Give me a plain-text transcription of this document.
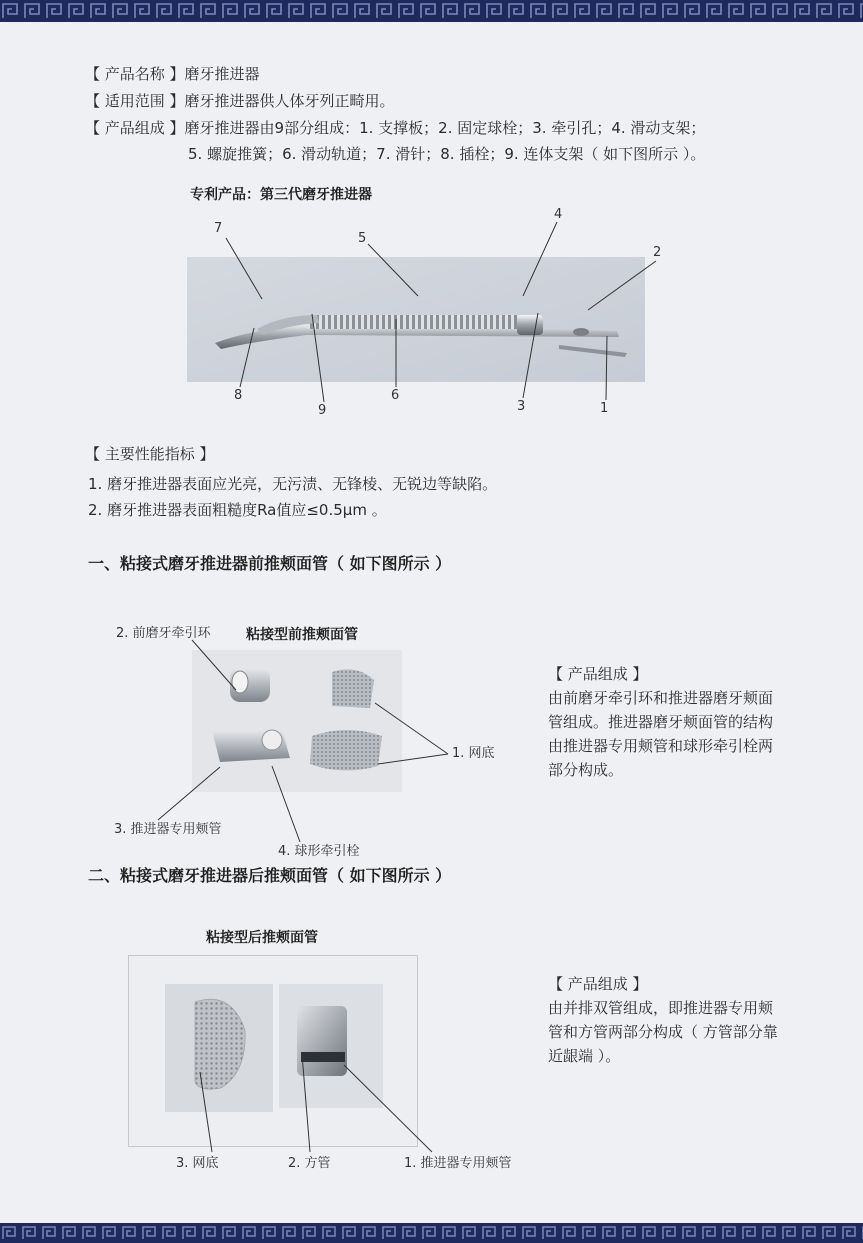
【 产品名称 】磨牙推进器
【 适用范围 】磨牙推进器供人体牙列正畸用。
【 产品组成 】磨牙推进器由9部分组成：1. 支撑板；2. 固定球栓；3. 牵引孔；4. 滑动支架；
5. 螺旋推簧；6. 滑动轨道；7. 滑针；8. 插栓；9. 连体支架（ 如下图所示 ）。
专利产品：第三代磨牙推进器
7
5
4
2
8
9
6
3	1
【 主要性能指标 】
1. 磨牙推进器表面应光亮，无污渍、无锋棱、无锐边等缺陷。
2. 磨牙推进器表面粗糙度Ra值应≤0.5μm 。
一、粘接式磨牙推进器前推颊面管（ 如下图所示 ）
粘接型前推颊面管
2. 前磨牙牵引环
1. 网底
3. 推进器专用颊管
4. 球形牵引栓
【 产品组成 】
由前磨牙牵引环和推进器磨牙颊面
管组成。推进器磨牙颊面管的结构
由推进器专用颊管和球形牵引栓两
部分构成。
二、粘接式磨牙推进器后推颊面管（ 如下图所示 ）
粘接型后推颊面管
3. 网底	2. 方管	1. 推进器专用颊管
【 产品组成 】
由并排双管组成，即推进器专用颊
管和方管两部分构成（ 方管部分靠
近龈端 ）。
